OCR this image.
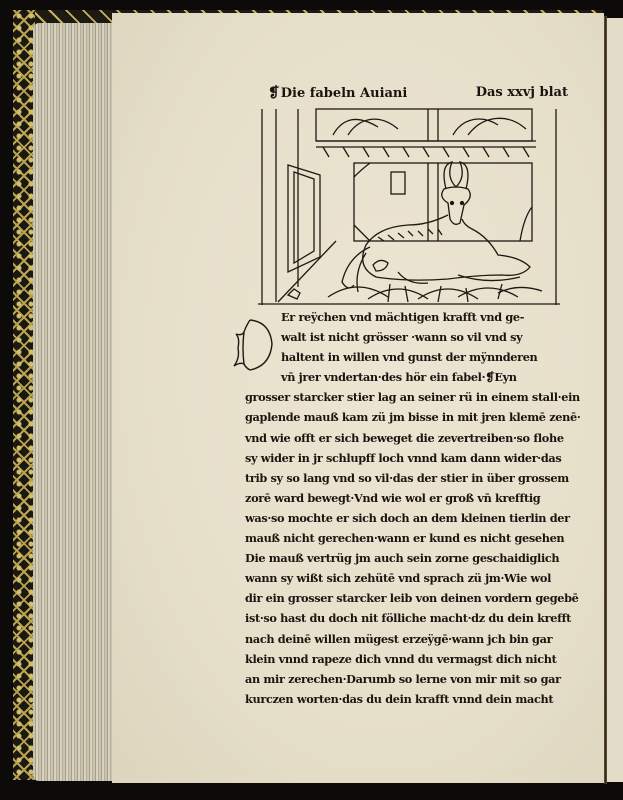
❡Die fabeln Auiani	Das xxvj blat
D
Er reÿchen vnd mächtigen krafft vnd ge-
walt ist nicht grösser ·wann so vil vnd sy
haltent in willen vnd gunst der mÿnnderen
vn̄ jrer vndertan·des hör ein fabel·❡Eyn
grosser starcker stier lag an seiner rü in einem stall·ein
gaplende mauß kam zü jm bisse in mit jren klemē zenē·
vnd wie offt er sich beweget die zevertreiben·so flohe
sy wider in jr schlupff loch vnnd kam dann wider·das
trib sy so lang vnd so vil·das der stier in über grossem
zorē ward bewegt·Vnd wie wol er groß vn̄ krefftig
was·so mochte er sich doch an dem kleinen tierlin der
mauß nicht gerechen·wann er kund es nicht gesehen
Die mauß vertrüg jm auch sein zorne geschaidiglich
wann sy wißt sich zehütē vnd sprach zü jm·Wie wol
dir ein grosser starcker leib von deinen vordern gegebē
ist·so hast du doch nit fölliche macht·dz du dein krefft
nach deinē willen mügest erzeÿgē·wann jch bin gar
klein vnnd rapeze dich vnnd du vermagst dich nicht
an mir zerechen·Darumb so lerne von mir mit so gar
kurczen worten·das du dein krafft vnnd dein macht
